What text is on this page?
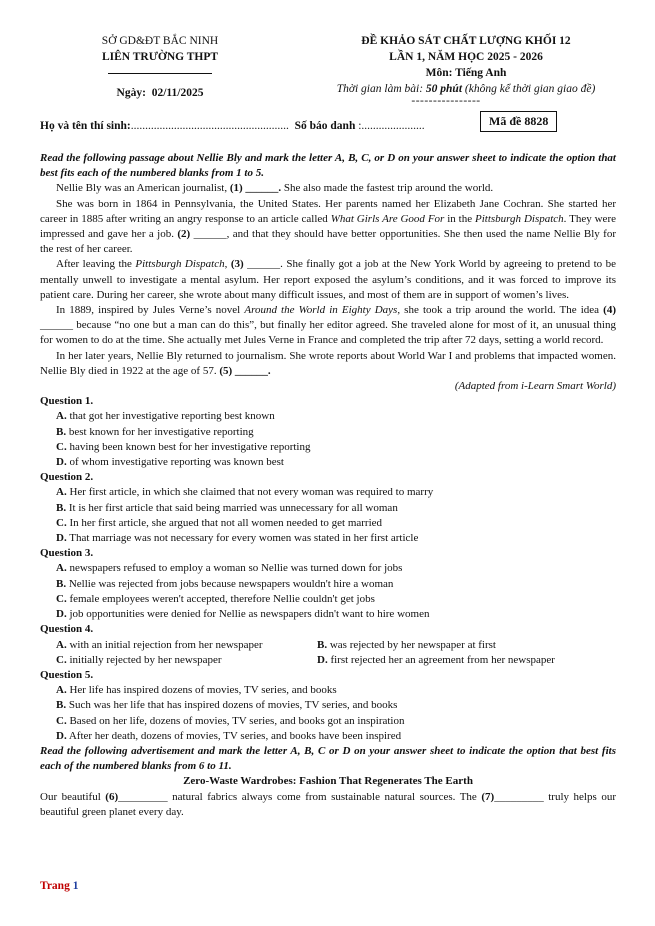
SỞ GD&ĐT BẮC NINH
LIÊN TRƯỜNG THPT
Ngày: 02/11/2025
ĐỀ KHẢO SÁT CHẤT LƯỢNG KHỐI 12
LẦN 1, NĂM HỌC 2025 - 2026
Môn: Tiếng Anh
Thời gian làm bài: 50 phút (không kể thời gian giao đề)
----------------
Họ và tên thí sinh:....................................................... Số báo danh :......................	Mã đề 8828

Read the following passage about Nellie Bly and mark the letter A, B, C, or D on your answer sheet to indicate the option that best fits each of the numbered blanks from 1 to 5.

Nellie Bly was an American journalist, (1) ______. She also made the fastest trip around the world.

She was born in 1864 in Pennsylvania, the United States. Her parents named her Elizabeth Jane Cochran. She started her career in 1885 after writing an angry response to an article called What Girls Are Good For in the Pittsburgh Dispatch. They were impressed and gave her a job. (2) ______, and that they should have better opportunities. She then used the name Nellie Bly for the rest of her career.

After leaving the Pittsburgh Dispatch, (3) ______. She finally got a job at the New York World by agreeing to pretend to be mentally unwell to investigate a mental asylum. Her report exposed the asylum’s conditions, and it was forced to improve its patient care. During her career, she wrote about many difficult issues, and most of them are in support of women’s lives.

In 1889, inspired by Jules Verne’s novel Around the World in Eighty Days, she took a trip around the world. The idea (4) ______ because “no one but a man can do this”, but finally her editor agreed. She traveled alone for most of it, an unusual thing for women to do at the time. She actually met Jules Verne in France and completed the trip after 72 days, setting a world record.

In her later years, Nellie Bly returned to journalism. She wrote reports about World War I and problems that impacted women. Nellie Bly died in 1922 at the age of 57. (5) ______.

(Adapted from i-Learn Smart World)

Question 1.
A. that got her investigative reporting best known
B. best known for her investigative reporting
C. having been known best for her investigative reporting
D. of whom investigative reporting was known best
Question 2.
A. Her first article, in which she claimed that not every woman was required to marry
B. It is her first article that said being married was unnecessary for all woman
C. In her first article, she argued that not all women needed to get married
D. That marriage was not necessary for every women was stated in her first article
Question 3.
A. newspapers refused to employ a woman so Nellie was turned down for jobs
B. Nellie was rejected from jobs because newspapers wouldn't hire a woman
C. female employees weren't accepted, therefore Nellie couldn't get jobs
D. job opportunities were denied for Nellie as newspapers didn't want to hire women
Question 4.
A. with an initial rejection from her newspaper	B. was rejected by her newspaper at first
C. initially rejected by her newspaper	D. first rejected her an agreement from her newspaper
Question 5.
A. Her life has inspired dozens of movies, TV series, and books
B. Such was her life that has inspired dozens of movies, TV series, and books
C. Based on her life, dozens of movies, TV series, and books got an inspiration
D. After her death, dozens of movies, TV series, and books have been inspired

Read the following advertisement and mark the letter A, B, C or D on your answer sheet to indicate the option that best fits each of the numbered blanks from 6 to 11.

Zero-Waste Wardrobes: Fashion That Regenerates The Earth

Our beautiful (6)_________ natural fabrics always come from sustainable natural sources. The (7)_________ truly helps our beautiful green planet every day.

Trang 1
